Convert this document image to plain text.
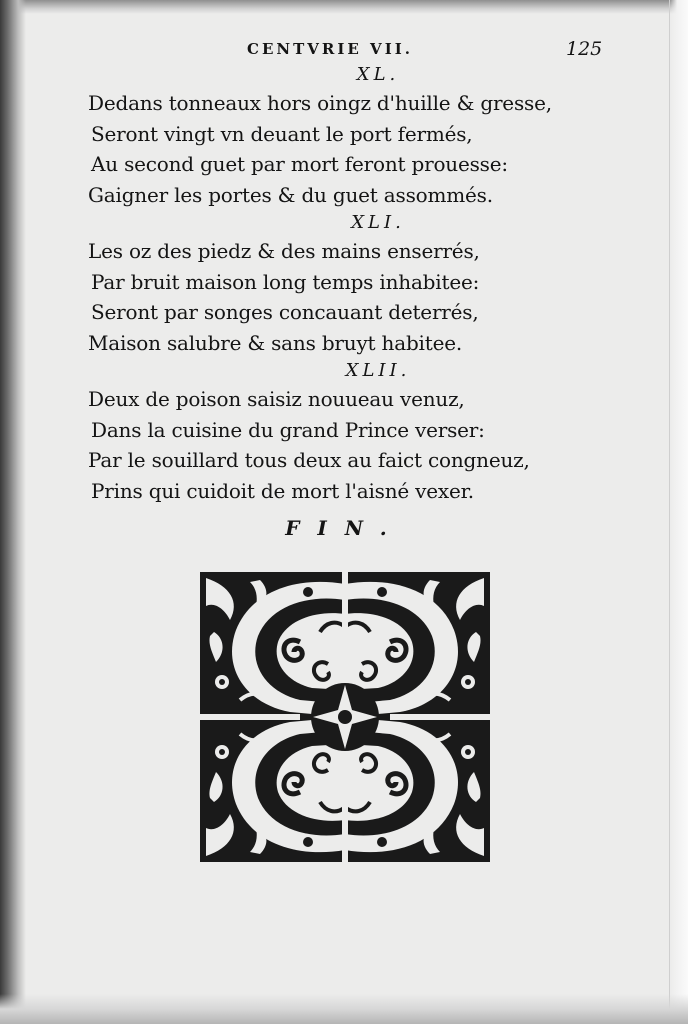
CENTVRIE VII.	125
XL.
Dedans tonneaux hors oingz d'huille & gresse,
Seront vingt vn deuant le port fermés,
Au second guet par mort feront prouesse:
Gaigner les portes & du guet assommés.
XLI.
Les oz des piedz & des mains enserrés,
Par bruit maison long temps inhabitee:
Seront par songes concauant deterrés,
Maison salubre & sans bruyt habitee.
XLII.
Deux de poison saisiz nouueau venuz,
Dans la cuisine du grand Prince verser:
Par le souillard tous deux au faict congneuz,
Prins qui cuidoit de mort l'aisné vexer.
FIN.
